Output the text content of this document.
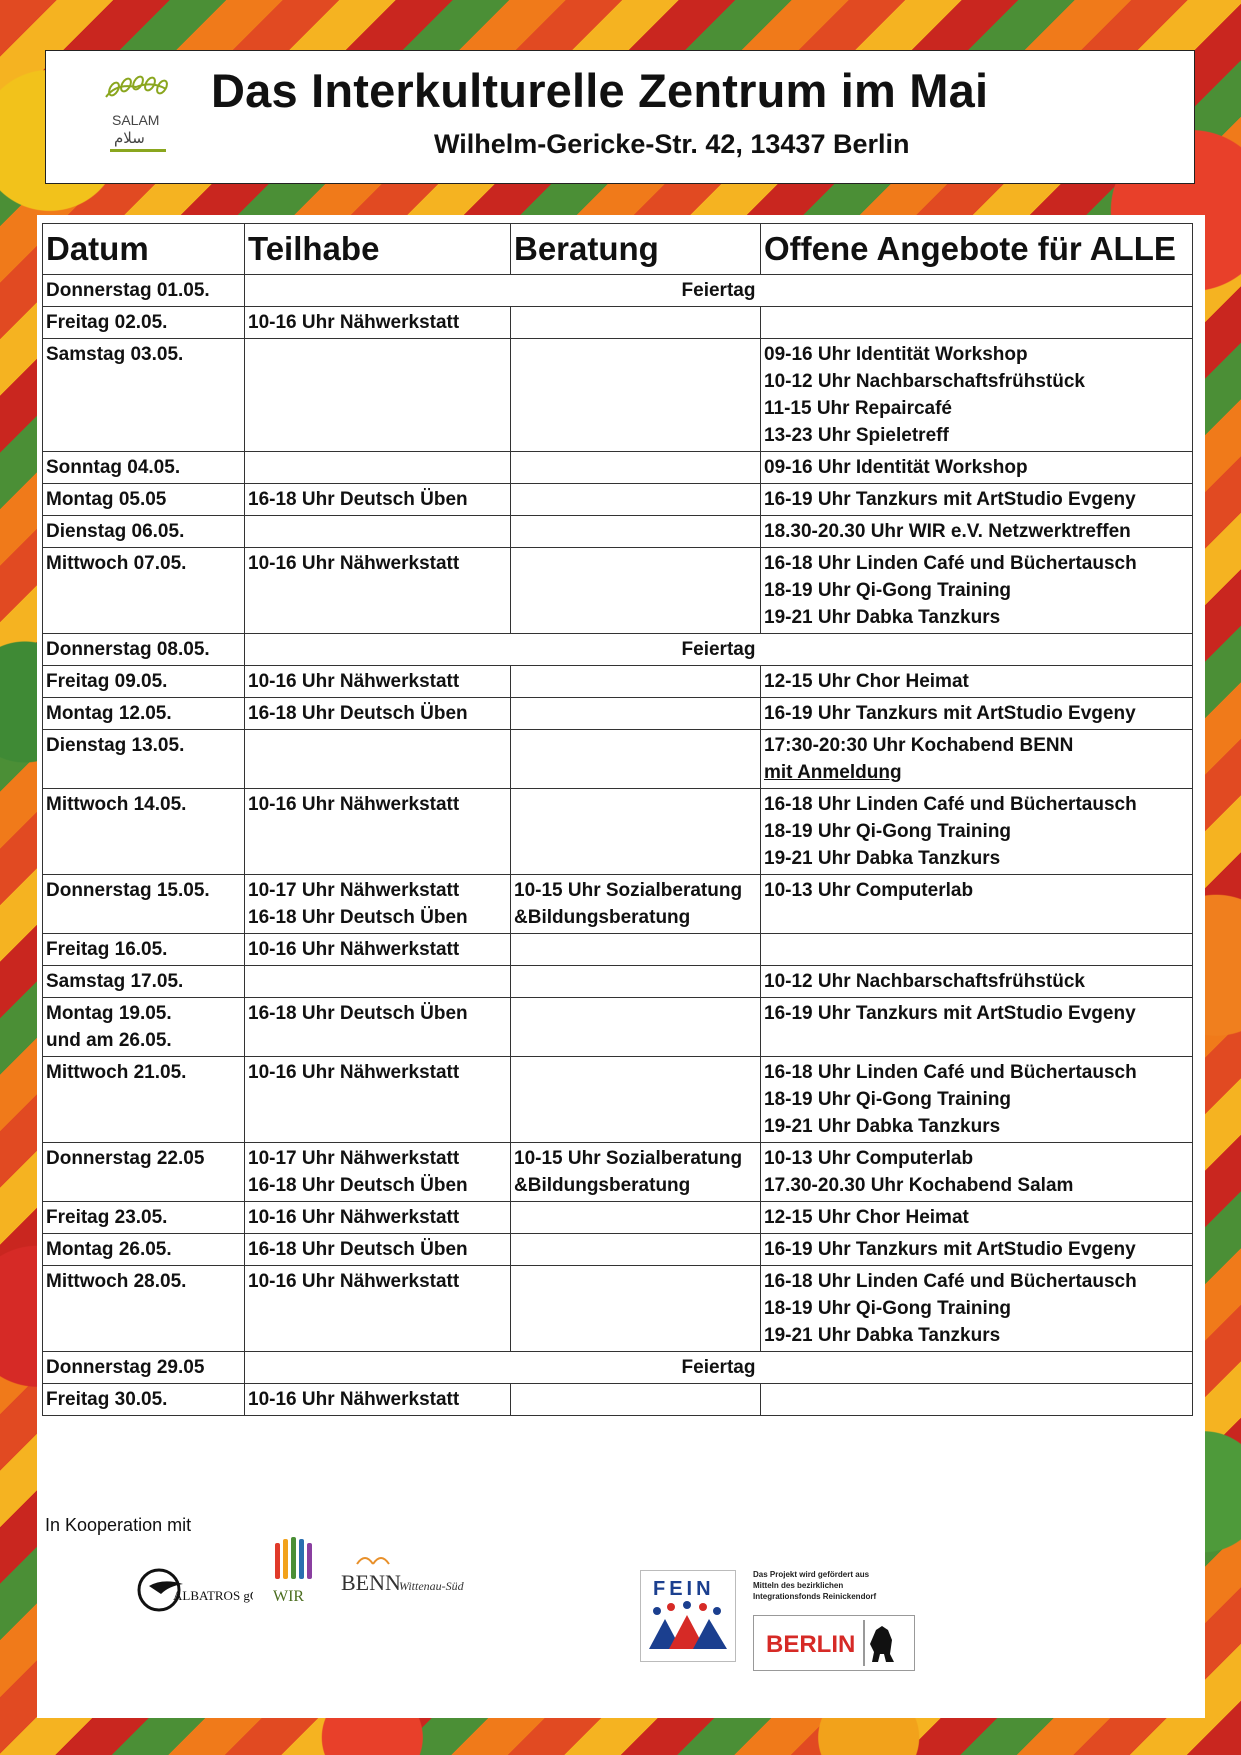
SALAM
سلام
Das Interkulturelle Zentrum im Mai
Wilhelm-Gericke-Str. 42, 13437 Berlin
Datum	Teilhabe	Beratung	Offene Angebote für ALLE

Donnerstag 01.05.	Feiertag		

Freitag 02.05.	10-16 Uhr Nähwerkstatt		

Samstag 03.05.			09-16 Uhr Identität Workshop
10-12 Uhr Nachbarschaftsfrühstück
11-15 Uhr Repaircafé
13-23 Uhr Spieletreff

Sonntag 04.05.			09-16 Uhr Identität Workshop

Montag 05.05	16-18 Uhr Deutsch Üben		16-19 Uhr Tanzkurs mit ArtStudio Evgeny

Dienstag 06.05.			18.30-20.30 Uhr WIR e.V. Netzwerktreffen

Mittwoch 07.05.	10-16 Uhr Nähwerkstatt		16-18 Uhr Linden Café und Büchertausch
18-19 Uhr Qi-Gong Training
19-21 Uhr Dabka Tanzkurs

Donnerstag 08.05.	Feiertag		

Freitag 09.05.	10-16 Uhr Nähwerkstatt		12-15 Uhr Chor Heimat

Montag 12.05.	16-18 Uhr Deutsch Üben		16-19 Uhr Tanzkurs mit ArtStudio Evgeny

Dienstag 13.05.			17:30-20:30 Uhr Kochabend BENN
mit Anmeldung

Mittwoch 14.05.	10-16 Uhr Nähwerkstatt		16-18 Uhr Linden Café und Büchertausch
18-19 Uhr Qi-Gong Training
19-21 Uhr Dabka Tanzkurs

Donnerstag 15.05.	10-17 Uhr Nähwerkstatt
16-18 Uhr Deutsch Üben	10-15 Uhr Sozialberatung
&Bildungsberatung	10-13 Uhr Computerlab

Freitag 16.05.	10-16 Uhr Nähwerkstatt		

Samstag 17.05.			10-12 Uhr Nachbarschaftsfrühstück

Montag 19.05.
und am 26.05.	16-18 Uhr Deutsch Üben		16-19 Uhr Tanzkurs mit ArtStudio Evgeny

Mittwoch 21.05.	10-16 Uhr Nähwerkstatt		16-18 Uhr Linden Café und Büchertausch
18-19 Uhr Qi-Gong Training
19-21 Uhr Dabka Tanzkurs

Donnerstag 22.05	10-17 Uhr Nähwerkstatt
16-18 Uhr Deutsch Üben	10-15 Uhr Sozialberatung
&Bildungsberatung	10-13 Uhr Computerlab
17.30-20.30 Uhr Kochabend Salam

Freitag 23.05.	10-16 Uhr Nähwerkstatt		12-15 Uhr Chor Heimat

Montag 26.05.	16-18 Uhr Deutsch Üben		16-19 Uhr Tanzkurs mit ArtStudio Evgeny

Mittwoch 28.05.	10-16 Uhr Nähwerkstatt		16-18 Uhr Linden Café und Büchertausch
18-19 Uhr Qi-Gong Training
19-21 Uhr Dabka Tanzkurs

Donnerstag 29.05	Feiertag		

Freitag 30.05.	10-16 Uhr Nähwerkstatt		

In Kooperation mit
ALBATROS g	WIR
BENN
Wittenau-Süd	FEIN
Das Projekt wird gefördert aus Mitteln des bezirklichen Integrationsfonds Reinickendorf
BERLIN
